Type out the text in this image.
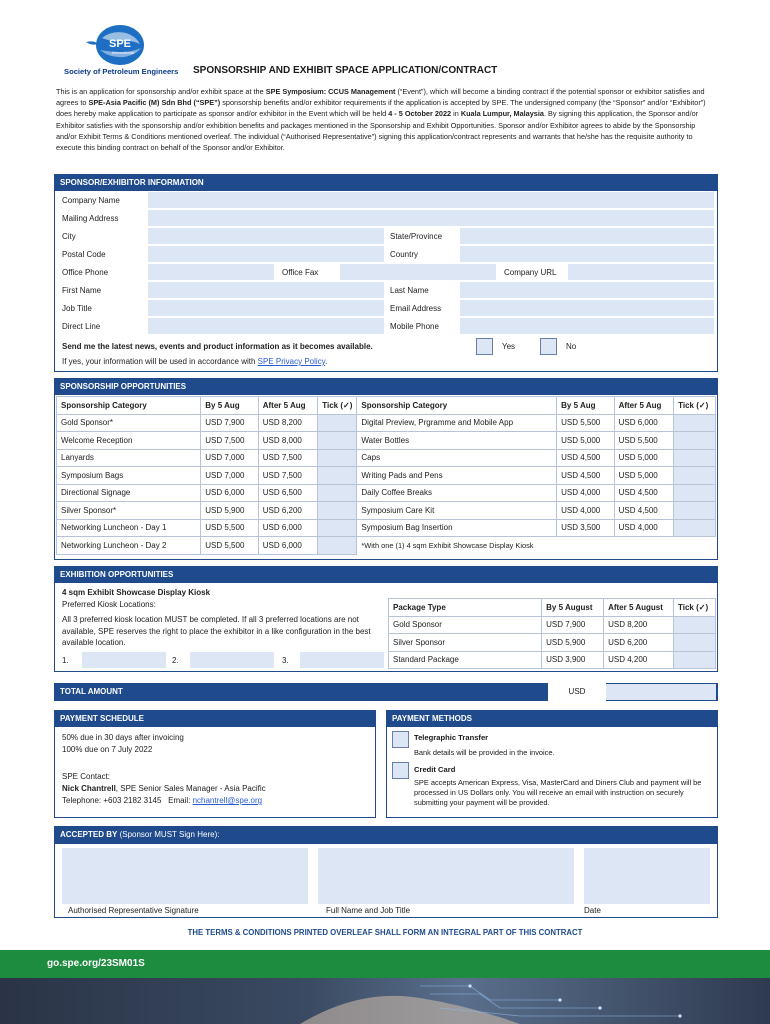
SPE
International
Society of Petroleum Engineers SPONSORSHIP AND EXHIBIT SPACE APPLICATION/CONTRACT
This is an application for sponsorship and/or exhibit space at the SPE Symposium: CCUS Management (“Event”), which will become a binding contract if the potential sponsor or exhibitor satisfies and agrees to SPE-Asia Pacific (M) Sdn Bhd (“SPE”) sponsorship benefits and/or exhibitor requirements if the application is accepted by SPE. The undersigned company (the “Sponsor” and/or “Exhibitor”) does hereby make application to participate as sponsor and/or exhibitor in the Event which will be held 4 - 5 October 2022 in Kuala Lumpur, Malaysia. By signing this application, the Sponsor and/or Exhibitor satisfies with the sponsorship and/or exhibition benefits and packages mentioned in the Sponsorship and Exhibit Opportunities. Sponsor and/or Exhibitor agrees to abide by the Sponsorship and/or Exhibit Terms & Conditions mentioned overleaf. The individual (“Authorised Representative”) signing this application/contract represents and warrants that he/she has the requisite authority to execute this binding contract on behalf of the Sponsor and/or Exhibitor.
SPONSOR/EXHIBITOR INFORMATION
Company Name
Mailing Address
City	State/Province
Postal Code	Country
Office Phone	Office Fax	Company URL
First Name	Last Name
Job Title	Email Address
Direct Line	Mobile Phone
Send me the latest news, events and product information as it becomes available.	Yes	No
If yes, your information will be used in accordance with SPE Privacy Policy.
SPONSORSHIP OPPORTUNITIES
Sponsorship Category	By 5 Aug	After 5 Aug	Tick (✓)	Sponsorship Category	By 5 Aug	After 5 Aug	Tick (✓)
Gold Sponsor*	USD 7,900	USD 8,200		Digital Preview, Prgramme and Mobile App	USD 5,500	USD 6,000	
Welcome Reception	USD 7,500	USD 8,000		Water Bottles	USD 5,000	USD 5,500	
Lanyards	USD 7,000	USD 7,500		Caps	USD 4,500	USD 5,000	
Symposium Bags	USD 7,000	USD 7,500		Writing Pads and Pens	USD 4,500	USD 5,000	
Directional Signage	USD 6,000	USD 6,500		Daily Coffee Breaks	USD 4,000	USD 4,500	
Silver Sponsor*	USD 5,900	USD 6,200		Symposium Care Kit	USD 4,000	USD 4,500	
Networking Luncheon - Day 1	USD 5,500	USD 6,000		Symposium Bag Insertion	USD 3,500	USD 4,000	
Networking Luncheon - Day 2	USD 5,500	USD 6,000		*With one (1) 4 sqm Exhibit Showcase Display Kiosk			
EXHIBITION OPPORTUNITIES
4 sqm Exhibit Showcase Display Kiosk
Preferred Kiosk Locations:
All 3 preferred kiosk location MUST be completed. If all 3 preferred locations are not available, SPE reserves the right to place the exhibitor in a like configuration in the best available location.
1.	2.	3.
Package Type	By 5 August	After 5 August	Tick (✓)
Gold Sponsor	USD 7,900	USD 8,200	
Silver Sponsor	USD 5,900	USD 6,200	
Standard Package	USD 3,900	USD 4,200	
TOTAL AMOUNT	USD
PAYMENT SCHEDULE
50% due in 30 days after invoicing
100% due on 7 July 2022
SPE Contact:
Nick Chantrell, SPE Senior Sales Manager - Asia Pacific
Telephone: +603 2182 3145 Email: nchantrell@spe.org
PAYMENT METHODS
Telegraphic Transfer
Bank details will be provided in the invoice.
Credit Card
SPE accepts American Express, Visa, MasterCard and Diners Club and payment will be processed in US Dollars only. You will receive an email with instruction on securely submitting your payment will be provided.
ACCEPTED BY (Sponsor MUST Sign Here):
Authorised Representative Signature	Full Name and Job Title	Date
THE TERMS & CONDITIONS PRINTED OVERLEAF SHALL FORM AN INTEGRAL PART OF THIS CONTRACT
go.spe.org/23SM01S
